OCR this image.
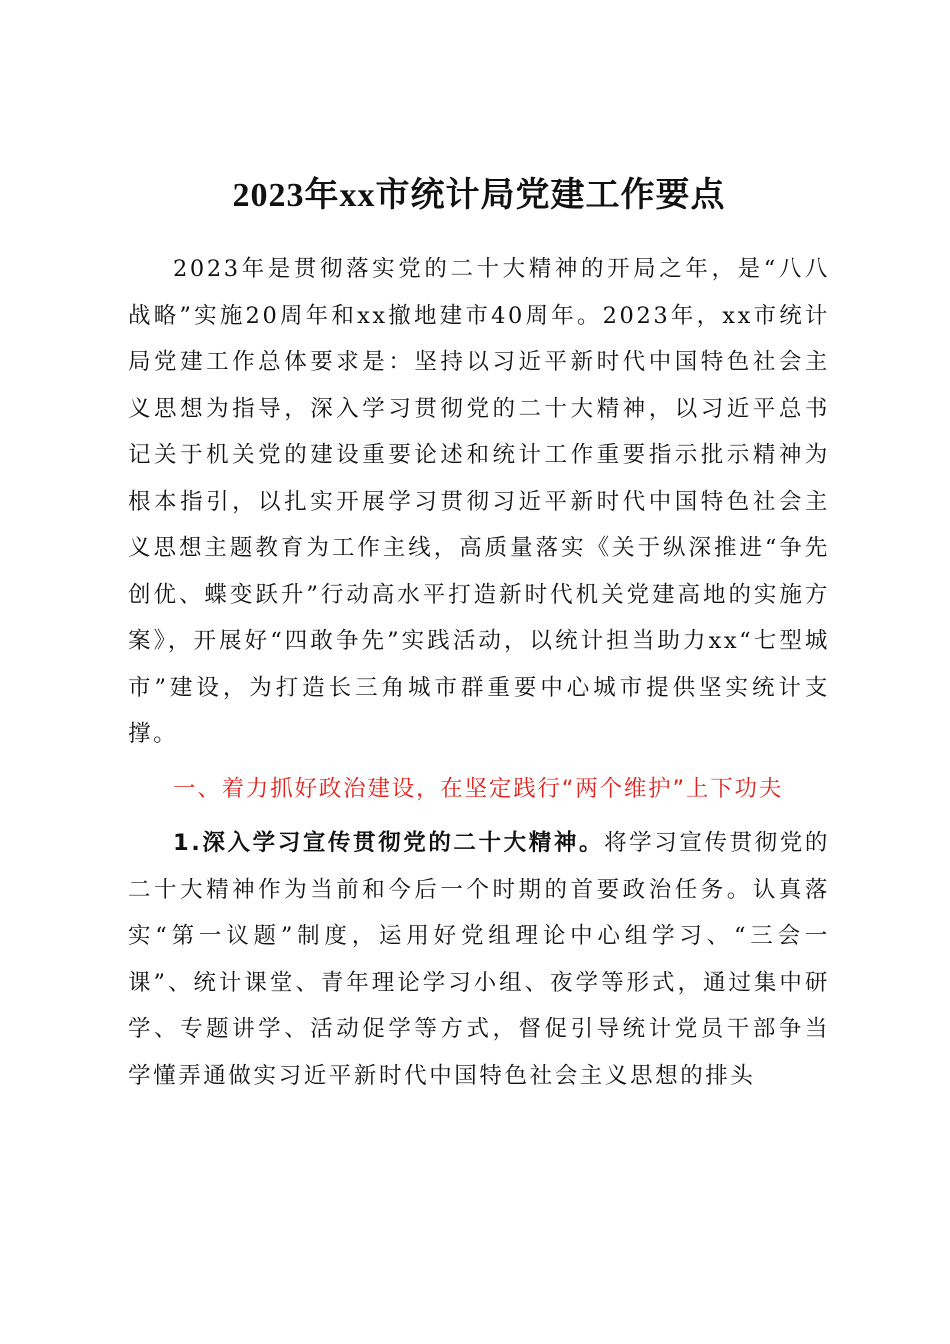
2023年xx市统计局党建工作要点

2023年是贯彻落实党的二十大精神的开局之年，是“八八战略”实施20周年和xx撤地建市40周年。2023年，xx市统计局党建工作总体要求是：坚持以习近平新时代中国特色社会主义思想为指导，深入学习贯彻党的二十大精神，以习近平总书记关于机关党的建设重要论述和统计工作重要指示批示精神为根本指引，以扎实开展学习贯彻习近平新时代中国特色社会主义思想主题教育为工作主线，高质量落实《关于纵深推进“争先创优、蝶变跃升”行动高水平打造新时代机关党建高地的实施方案》，开展好“四敢争先”实践活动，以统计担当助力xx“七型城市”建设，为打造长三角城市群重要中心城市提供坚实统计支撑。

一、着力抓好政治建设，在坚定践行“两个维护”上下功夫

1.深入学习宣传贯彻党的二十大精神。将学习宣传贯彻党的二十大精神作为当前和今后一个时期的首要政治任务。认真落实“第一议题”制度，运用好党组理论中心组学习、“三会一课”、统计课堂、青年理论学习小组、夜学等形式，通过集中研学、专题讲学、活动促学等方式，督促引导统计党员干部争当学懂弄通做实习近平新时代中国特色社会主义思想的排头
